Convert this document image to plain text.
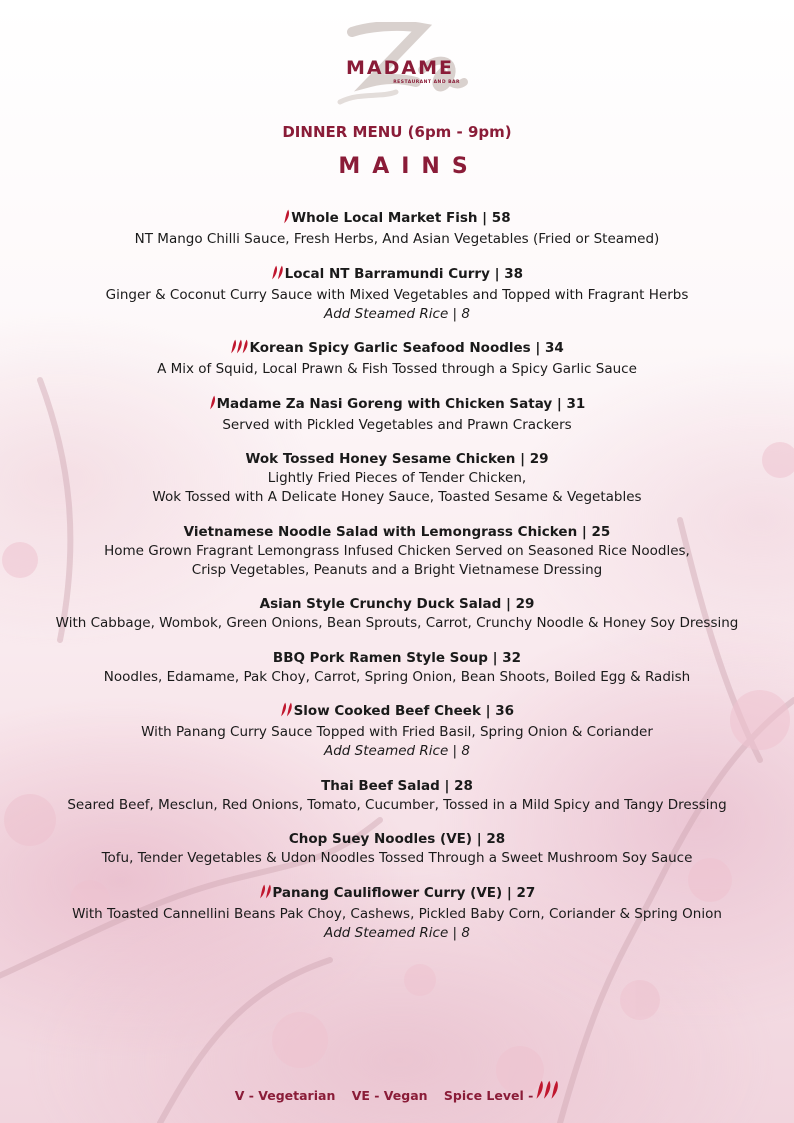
MADAME
RESTAURANT AND BAR
DINNER MENU (6pm - 9pm)
MAINS
Whole Local Market Fish | 58
NT Mango Chilli Sauce, Fresh Herbs, And Asian Vegetables (Fried or Steamed)
Local NT Barramundi Curry | 38
Ginger & Coconut Curry Sauce with Mixed Vegetables and Topped with Fragrant Herbs
Add Steamed Rice | 8
Korean Spicy Garlic Seafood Noodles | 34
A Mix of Squid, Local Prawn & Fish Tossed through a Spicy Garlic Sauce
Madame Za Nasi Goreng with Chicken Satay | 31
Served with Pickled Vegetables and Prawn Crackers
Wok Tossed Honey Sesame Chicken | 29
Lightly Fried Pieces of Tender Chicken,
Wok Tossed with A Delicate Honey Sauce, Toasted Sesame & Vegetables
Vietnamese Noodle Salad with Lemongrass Chicken | 25
Home Grown Fragrant Lemongrass Infused Chicken Served on Seasoned Rice Noodles,
Crisp Vegetables, Peanuts and a Bright Vietnamese Dressing
Asian Style Crunchy Duck Salad | 29
With Cabbage, Wombok, Green Onions, Bean Sprouts, Carrot, Crunchy Noodle & Honey Soy Dressing
BBQ Pork Ramen Style Soup | 32
Noodles, Edamame, Pak Choy, Carrot, Spring Onion, Bean Shoots, Boiled Egg & Radish
Slow Cooked Beef Cheek | 36
With Panang Curry Sauce Topped with Fried Basil, Spring Onion & Coriander
Add Steamed Rice | 8
Thai Beef Salad | 28
Seared Beef, Mesclun, Red Onions, Tomato, Cucumber, Tossed in a Mild Spicy and Tangy Dressing
Chop Suey Noodles (VE) | 28
Tofu, Tender Vegetables & Udon Noodles Tossed Through a Sweet Mushroom Soy Sauce
Panang Cauliflower Curry (VE) | 27
With Toasted Cannellini Beans Pak Choy, Cashews, Pickled Baby Corn, Coriander & Spring Onion
Add Steamed Rice | 8
V - Vegetarian VE - Vegan Spice Level -
